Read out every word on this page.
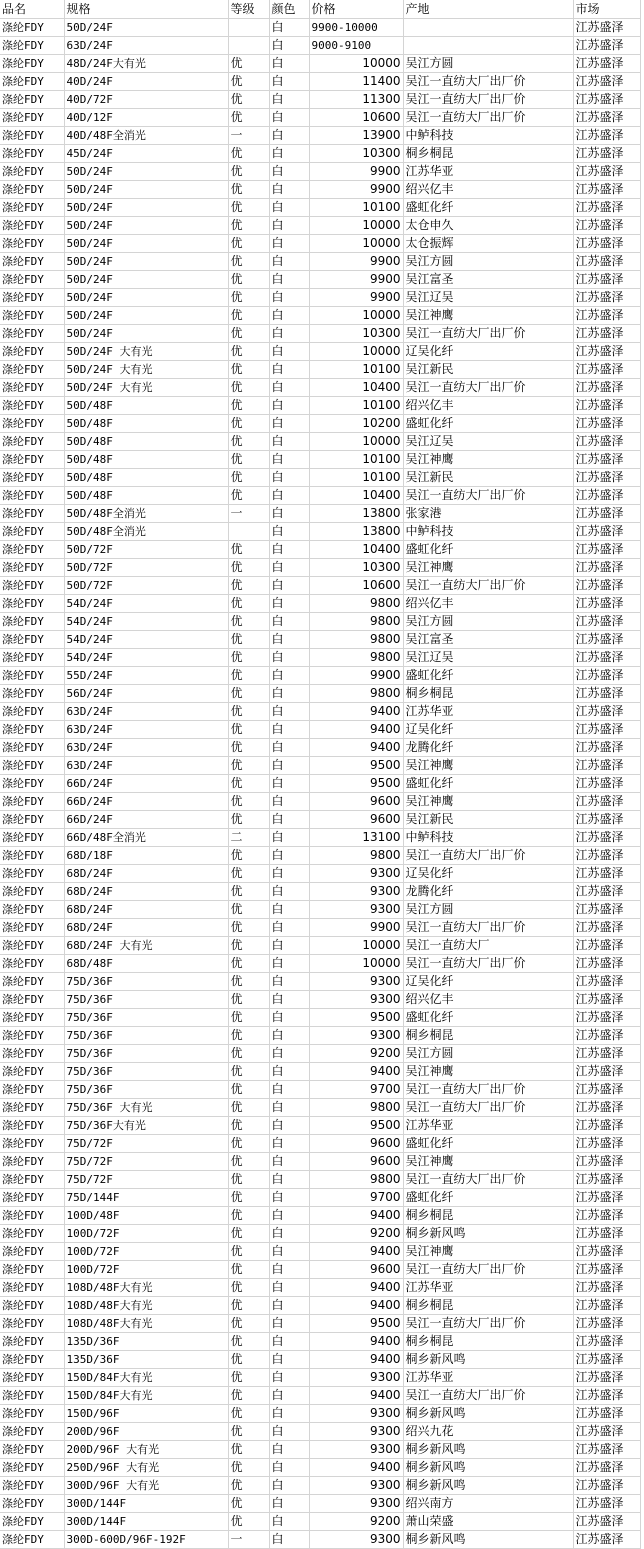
品名	规格	等级	颜色	价格	产地	市场
涤纶FDY	50D/24F		白	9900-10000		江苏盛泽
涤纶FDY	63D/24F		白	9000-9100		江苏盛泽
涤纶FDY	48D/24F大有光	优	白	10000	吴江方圆	江苏盛泽
涤纶FDY	40D/24F	优	白	11400	吴江一直纺大厂出厂价	江苏盛泽
涤纶FDY	40D/72F	优	白	11300	吴江一直纺大厂出厂价	江苏盛泽
涤纶FDY	40D/12F	优	白	10600	吴江一直纺大厂出厂价	江苏盛泽
涤纶FDY	40D/48F全消光	一	白	13900	中鲈科技	江苏盛泽
涤纶FDY	45D/24F	优	白	10300	桐乡桐昆	江苏盛泽
涤纶FDY	50D/24F	优	白	9900	江苏华亚	江苏盛泽
涤纶FDY	50D/24F	优	白	9900	绍兴亿丰	江苏盛泽
涤纶FDY	50D/24F	优	白	10100	盛虹化纤	江苏盛泽
涤纶FDY	50D/24F	优	白	10000	太仓申久	江苏盛泽
涤纶FDY	50D/24F	优	白	10000	太仓振辉	江苏盛泽
涤纶FDY	50D/24F	优	白	9900	吴江方圆	江苏盛泽
涤纶FDY	50D/24F	优	白	9900	吴江富圣	江苏盛泽
涤纶FDY	50D/24F	优	白	9900	吴江辽吴	江苏盛泽
涤纶FDY	50D/24F	优	白	10000	吴江神鹰	江苏盛泽
涤纶FDY	50D/24F	优	白	10300	吴江一直纺大厂出厂价	江苏盛泽
涤纶FDY	50D/24F 大有光	优	白	10000	辽吴化纤	江苏盛泽
涤纶FDY	50D/24F 大有光	优	白	10100	吴江新民	江苏盛泽
涤纶FDY	50D/24F 大有光	优	白	10400	吴江一直纺大厂出厂价	江苏盛泽
涤纶FDY	50D/48F	优	白	10100	绍兴亿丰	江苏盛泽
涤纶FDY	50D/48F	优	白	10200	盛虹化纤	江苏盛泽
涤纶FDY	50D/48F	优	白	10000	吴江辽吴	江苏盛泽
涤纶FDY	50D/48F	优	白	10100	吴江神鹰	江苏盛泽
涤纶FDY	50D/48F	优	白	10100	吴江新民	江苏盛泽
涤纶FDY	50D/48F	优	白	10400	吴江一直纺大厂出厂价	江苏盛泽
涤纶FDY	50D/48F全消光	一	白	13800	张家港	江苏盛泽
涤纶FDY	50D/48F全消光		白	13800	中鲈科技	江苏盛泽
涤纶FDY	50D/72F	优	白	10400	盛虹化纤	江苏盛泽
涤纶FDY	50D/72F	优	白	10300	吴江神鹰	江苏盛泽
涤纶FDY	50D/72F	优	白	10600	吴江一直纺大厂出厂价	江苏盛泽
涤纶FDY	54D/24F	优	白	9800	绍兴亿丰	江苏盛泽
涤纶FDY	54D/24F	优	白	9800	吴江方圆	江苏盛泽
涤纶FDY	54D/24F	优	白	9800	吴江富圣	江苏盛泽
涤纶FDY	54D/24F	优	白	9800	吴江辽吴	江苏盛泽
涤纶FDY	55D/24F	优	白	9900	盛虹化纤	江苏盛泽
涤纶FDY	56D/24F	优	白	9800	桐乡桐昆	江苏盛泽
涤纶FDY	63D/24F	优	白	9400	江苏华亚	江苏盛泽
涤纶FDY	63D/24F	优	白	9400	辽吴化纤	江苏盛泽
涤纶FDY	63D/24F	优	白	9400	龙腾化纤	江苏盛泽
涤纶FDY	63D/24F	优	白	9500	吴江神鹰	江苏盛泽
涤纶FDY	66D/24F	优	白	9500	盛虹化纤	江苏盛泽
涤纶FDY	66D/24F	优	白	9600	吴江神鹰	江苏盛泽
涤纶FDY	66D/24F	优	白	9600	吴江新民	江苏盛泽
涤纶FDY	66D/48F全消光	二	白	13100	中鲈科技	江苏盛泽
涤纶FDY	68D/18F	优	白	9800	吴江一直纺大厂出厂价	江苏盛泽
涤纶FDY	68D/24F	优	白	9300	辽吴化纤	江苏盛泽
涤纶FDY	68D/24F	优	白	9300	龙腾化纤	江苏盛泽
涤纶FDY	68D/24F	优	白	9300	吴江方圆	江苏盛泽
涤纶FDY	68D/24F	优	白	9900	吴江一直纺大厂出厂价	江苏盛泽
涤纶FDY	68D/24F 大有光	优	白	10000	吴江一直纺大厂	江苏盛泽
涤纶FDY	68D/48F	优	白	10000	吴江一直纺大厂出厂价	江苏盛泽
涤纶FDY	75D/36F	优	白	9300	辽吴化纤	江苏盛泽
涤纶FDY	75D/36F	优	白	9300	绍兴亿丰	江苏盛泽
涤纶FDY	75D/36F	优	白	9500	盛虹化纤	江苏盛泽
涤纶FDY	75D/36F	优	白	9300	桐乡桐昆	江苏盛泽
涤纶FDY	75D/36F	优	白	9200	吴江方圆	江苏盛泽
涤纶FDY	75D/36F	优	白	9400	吴江神鹰	江苏盛泽
涤纶FDY	75D/36F	优	白	9700	吴江一直纺大厂出厂价	江苏盛泽
涤纶FDY	75D/36F 大有光	优	白	9800	吴江一直纺大厂出厂价	江苏盛泽
涤纶FDY	75D/36F大有光	优	白	9500	江苏华亚	江苏盛泽
涤纶FDY	75D/72F	优	白	9600	盛虹化纤	江苏盛泽
涤纶FDY	75D/72F	优	白	9600	吴江神鹰	江苏盛泽
涤纶FDY	75D/72F	优	白	9800	吴江一直纺大厂出厂价	江苏盛泽
涤纶FDY	75D/144F	优	白	9700	盛虹化纤	江苏盛泽
涤纶FDY	100D/48F	优	白	9400	桐乡桐昆	江苏盛泽
涤纶FDY	100D/72F	优	白	9200	桐乡新风鸣	江苏盛泽
涤纶FDY	100D/72F	优	白	9400	吴江神鹰	江苏盛泽
涤纶FDY	100D/72F	优	白	9600	吴江一直纺大厂出厂价	江苏盛泽
涤纶FDY	108D/48F大有光	优	白	9400	江苏华亚	江苏盛泽
涤纶FDY	108D/48F大有光	优	白	9400	桐乡桐昆	江苏盛泽
涤纶FDY	108D/48F大有光	优	白	9500	吴江一直纺大厂出厂价	江苏盛泽
涤纶FDY	135D/36F	优	白	9400	桐乡桐昆	江苏盛泽
涤纶FDY	135D/36F	优	白	9400	桐乡新风鸣	江苏盛泽
涤纶FDY	150D/84F大有光	优	白	9300	江苏华亚	江苏盛泽
涤纶FDY	150D/84F大有光	优	白	9400	吴江一直纺大厂出厂价	江苏盛泽
涤纶FDY	150D/96F	优	白	9300	桐乡新风鸣	江苏盛泽
涤纶FDY	200D/96F	优	白	9300	绍兴九花	江苏盛泽
涤纶FDY	200D/96F 大有光	优	白	9300	桐乡新风鸣	江苏盛泽
涤纶FDY	250D/96F 大有光	优	白	9400	桐乡新风鸣	江苏盛泽
涤纶FDY	300D/96F 大有光	优	白	9300	桐乡新风鸣	江苏盛泽
涤纶FDY	300D/144F	优	白	9300	绍兴南方	江苏盛泽
涤纶FDY	300D/144F	优	白	9200	萧山荣盛	江苏盛泽
涤纶FDY	300D-600D/96F-192F	一	白	9300	桐乡新风鸣	江苏盛泽
